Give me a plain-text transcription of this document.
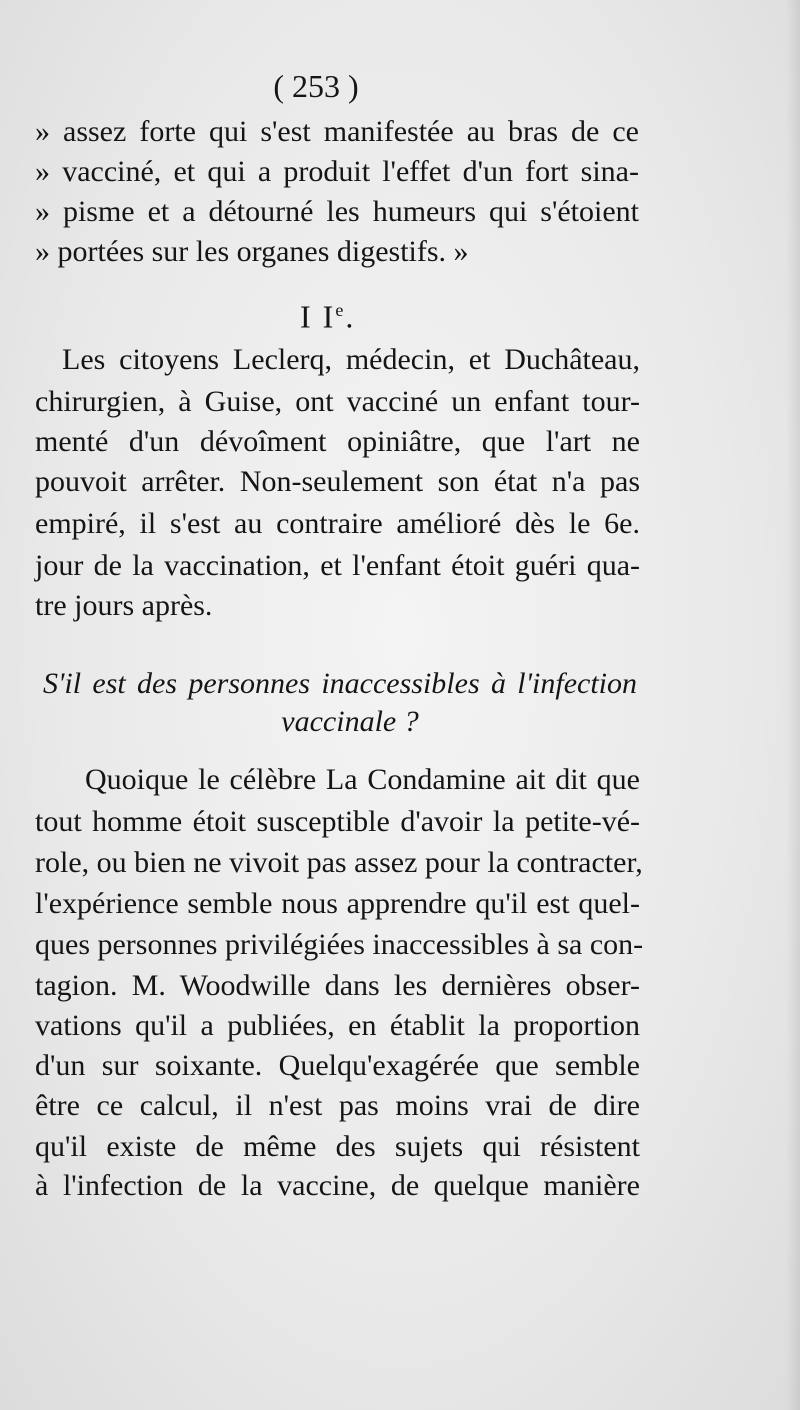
( 253 )
» assez forte qui s'est manifestée au bras de ce
» vacciné, et qui a produit l'effet d'un fort sina-
» pisme et a détourné les humeurs qui s'étoient
» portées sur les organes digestifs. »
I Ie.
Les citoyens Leclerq, médecin, et Duchâteau,
chirurgien, à Guise, ont vacciné un enfant tour-
menté d'un dévoîment opiniâtre, que l'art ne
pouvoit arrêter. Non-seulement son état n'a pas
empiré, il s'est au contraire amélioré dès le 6e.
jour de la vaccination, et l'enfant étoit guéri qua-
tre jours après.
S'il est des personnes inaccessibles à l'infection
vaccinale ?
Quoique le célèbre La Condamine ait dit que
tout homme étoit susceptible d'avoir la petite-vé-
role, ou bien ne vivoit pas assez pour la contracter,
l'expérience semble nous apprendre qu'il est quel-
ques personnes privilégiées inaccessibles à sa con-
tagion. M. Woodwille dans les dernières obser-
vations qu'il a publiées, en établit la proportion
d'un sur soixante. Quelqu'exagérée que semble
être ce calcul, il n'est pas moins vrai de dire
qu'il existe de même des sujets qui résistent
à l'infection de la vaccine, de quelque manière
